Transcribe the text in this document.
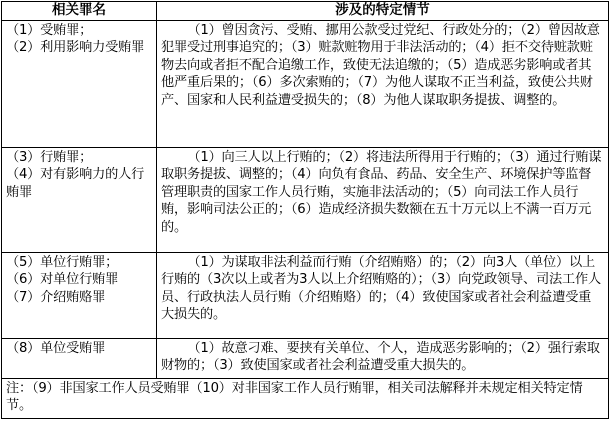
相关罪名	涉及的特定情节

（1）受贿罪；
（2）利用影响力受贿罪	（1）曾因贪污、受贿、挪用公款受过党纪、行政处分的；（2）曾因故意犯罪受过刑事追究的；（3）赃款赃物用于非法活动的；（4）拒不交待赃款赃物去向或者拒不配合追缴工作，致使无法追缴的；（5）造成恶劣影响或者其他严重后果的；（6）多次索贿的；（7）为他人谋取不正当利益，致使公共财产、国家和人民利益遭受损失的；（8）为他人谋取职务提拔、调整的。

（3）行贿罪；
（4）对有影响力的人行贿罪	（1）向三人以上行贿的；（2）将违法所得用于行贿的；（3）通过行贿谋取职务提拔、调整的；（4）向负有食品、药品、安全生产、环境保护等监督管理职责的国家工作人员行贿，实施非法活动的；（5）向司法工作人员行贿，影响司法公正的；（6）造成经济损失数额在五十万元以上不满一百万元的。

（5）单位行贿罪；
（6）对单位行贿罪
（7）介绍贿赂罪	（1）为谋取非法利益而行贿（介绍贿赂）的；（2）向3人（单位）以上行贿的（3次以上或者为3人以上介绍贿赂的）；（3）向党政领导、司法工作人员、行政执法人员行贿（介绍贿赂）的；（4）致使国家或者社会利益遭受重大损失的。

（8）单位受贿罪	（1）故意刁难、要挟有关单位、个人，造成恶劣影响的；（2）强行索取财物的；（3）致使国家或者社会利益遭受重大损失的。
注：（9）非国家工作人员受贿罪（10）对非国家工作人员行贿罪，相关司法解释并未规定相关特定情节。	
